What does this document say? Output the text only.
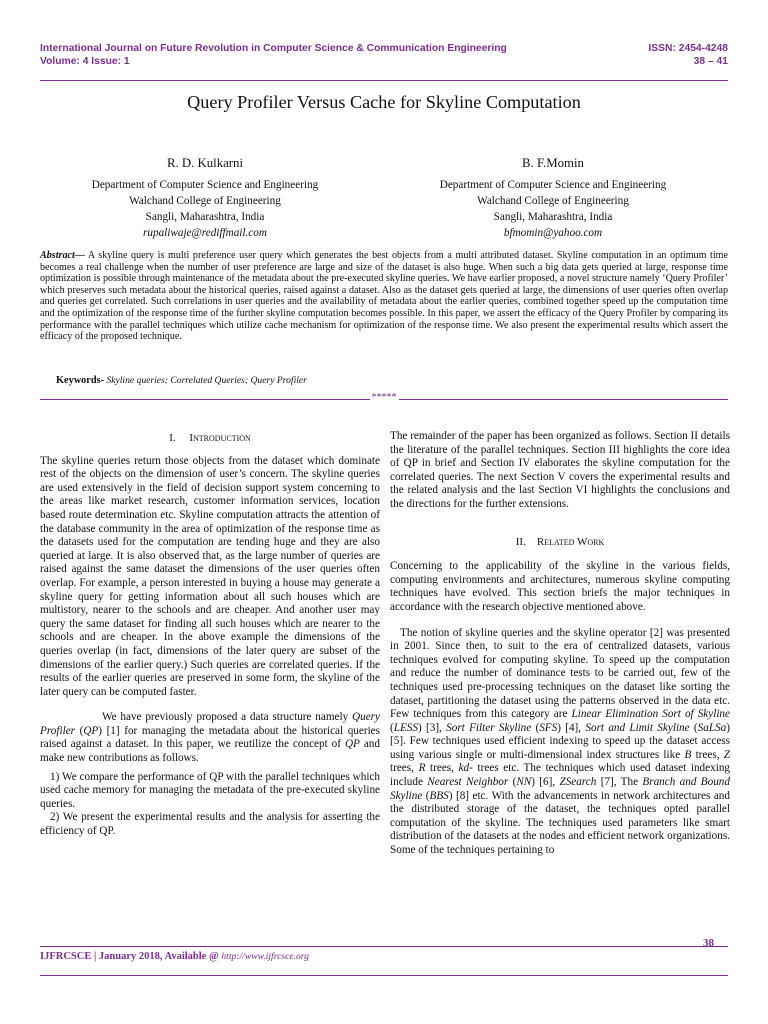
International Journal on Future Revolution in Computer Science & Communication Engineering	ISSN: 2454-4248
Volume: 4 Issue: 1	38 – 41
Query Profiler Versus Cache for Skyline Computation
R. D. Kulkarni
Department of Computer Science and Engineering
Walchand College of Engineering
Sangli, Maharashtra, India
rupaliwaje@rediffmail.com
B. F.Momin
Department of Computer Science and Engineering
Walchand College of Engineering
Sangli, Maharashtra, India
bfmomin@yahoo.com
Abstract— A skyline query is multi preference user query which generates the best objects from a multi attributed dataset. Skyline computation in an optimum time becomes a real challenge when the number of user preference are large and size of the dataset is also huge. When such a big data gets queried at large, response time optimization is possible through maintenance of the metadata about the pre-executed skyline queries. We have earlier proposed, a novel structure namely ‘Query Profiler’ which preserves such metadata about the historical queries, raised against a dataset. Also as the dataset gets queried at large, the dimensions of user queries often overlap and queries get correlated. Such correlations in user queries and the availability of metadata about the earlier queries, combined together speed up the computation time and the optimization of the response time of the further skyline computation becomes possible. In this paper, we assert the efficacy of the Query Profiler by comparing its performance with the parallel techniques which utilize cache mechanism for optimization of the response time. We also present the experimental results which assert the efficacy of the proposed technique.
Keywords- Skyline queries; Correlated Queries; Query Profiler
*****

I. Introduction

The skyline queries return those objects from the dataset which dominate rest of the objects on the dimension of user’s concern. The skyline queries are used extensively in the field of decision support system concerning to the areas like market research, customer information services, location based route determination etc. Skyline computation attracts the attention of the database community in the area of optimization of the response time as the datasets used for the computation are tending huge and they are also queried at large. It is also observed that, as the large number of queries are raised against the same dataset the dimensions of the user queries often overlap. For example, a person interested in buying a house may generate a skyline query for getting information about all such houses which are multistory, nearer to the schools and are cheaper. And another user may query the same dataset for finding all such houses which are nearer to the schools and are cheaper. In the above example the dimensions of the queries overlap (in fact, dimensions of the later query are subset of the dimensions of the earlier query.) Such queries are correlated queries. If the results of the earlier queries are preserved in some form, the skyline of the later query can be computed faster.

We have previously proposed a data structure namely Query Profiler (QP) [1] for managing the metadata about the historical queries raised against a dataset. In this paper, we reutilize the concept of QP and make new contributions as follows.

1) We compare the performance of QP with the parallel techniques which used cache memory for managing the metadata of the pre-executed skyline queries.

2) We present the experimental results and the analysis for asserting the efficiency of QP.

The remainder of the paper has been organized as follows. Section II details the literature of the parallel techniques. Section III highlights the core idea of QP in brief and Section IV elaborates the skyline computation for the correlated queries. The next Section V covers the experimental results and the related analysis and the last Section VI highlights the conclusions and the directions for the further extensions.

II. Related Work

Concerning to the applicability of the skyline in the various fields, computing environments and architectures, numerous skyline computing techniques have evolved. This section briefs the major techniques in accordance with the research objective mentioned above.

The notion of skyline queries and the skyline operator [2] was presented in 2001. Since then, to suit to the era of centralized datasets, various techniques evolved for computing skyline. To speed up the computation and reduce the number of dominance tests to be carried out, few of the techniques used pre-processing techniques on the dataset like sorting the dataset, partitioning the dataset using the patterns observed in the data etc. Few techniques from this category are Linear Elimination Sort of Skyline (LESS) [3], Sort Filter Skyline (SFS) [4], Sort and Limit Skyline (SaLSa) [5]. Few techniques used efficient indexing to speed up the dataset access using various single or multi-dimensional index structures like B trees, Z trees, R trees, kd- trees etc. The techniques which used dataset indexing include Nearest Neighbor (NN) [6], ZSearch [7], The Branch and Bound Skyline (BBS) [8] etc. With the advancements in network architectures and the distributed storage of the dataset, the techniques opted parallel computation of the skyline. The techniques used parameters like smart distribution of the datasets at the nodes and efficient network organizations. Some of the techniques pertaining to

38
IJFRCSCE | January 2018, Available @ http://www.ijfrcsce.org
